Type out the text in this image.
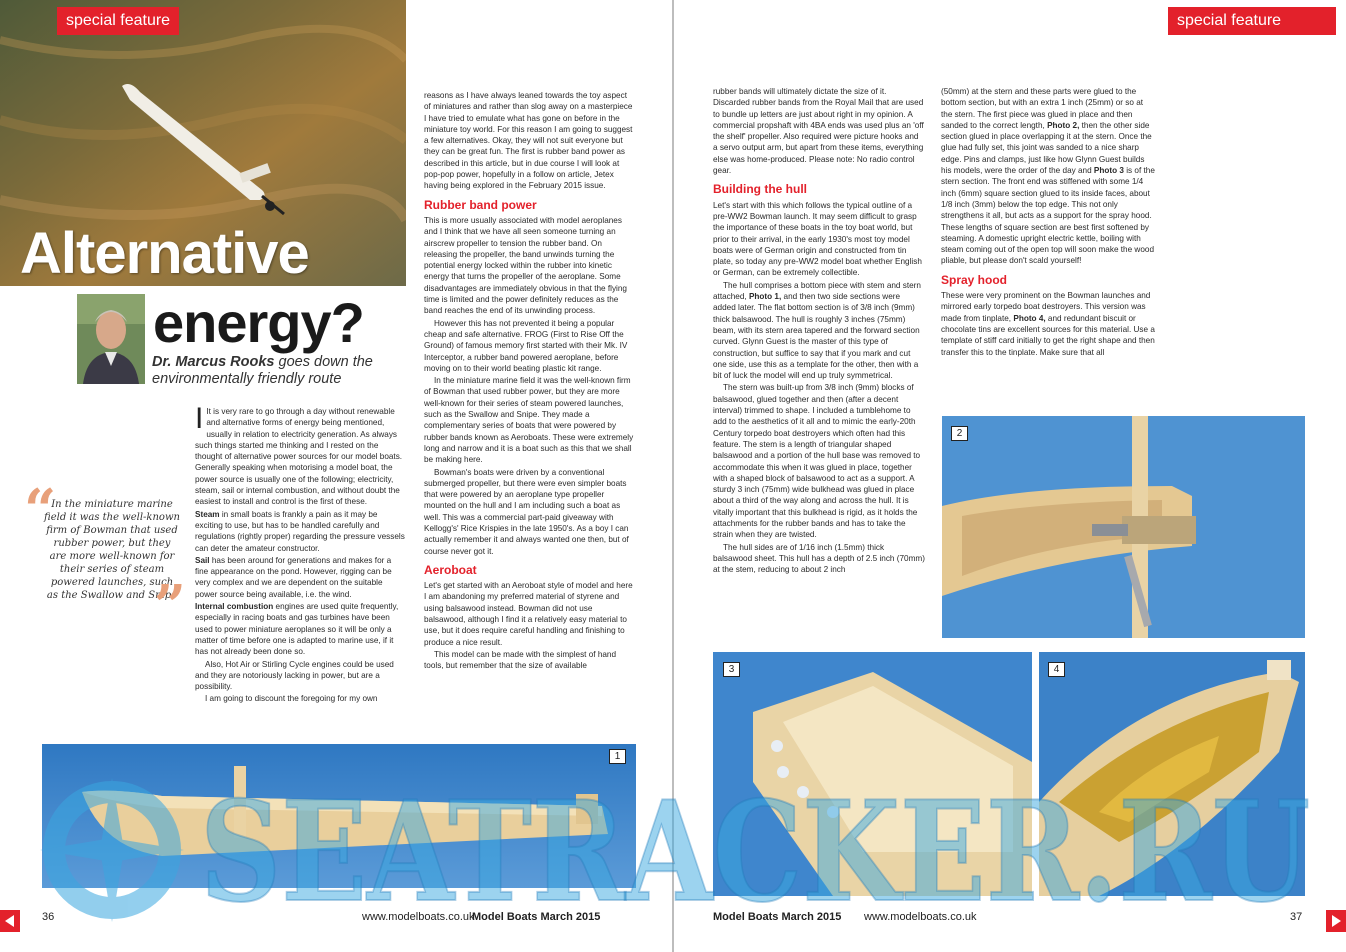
special feature
Alternative
energy?
Dr. Marcus Rooks goes down the environmentally friendly route
“
In the miniature marine field it was the well-known firm of Bowman that used rubber power, but they are more well-known for their series of steam powered launches, such as the Swallow and Snipe
”

I It is very rare to go through a day without renewable and alternative forms of energy being mentioned, usually in relation to electricity generation. As always such things started me thinking and I rested on the thought of alternative power sources for our model boats. Generally speaking when motorising a model boat, the power source is usually one of the following; electricity, steam, sail or internal combustion, and without doubt the easiest to install and control is the first of these.

Steam in small boats is frankly a pain as it may be exciting to use, but has to be handled carefully and regulations (rightly proper) regarding the pressure vessels can deter the amateur constructor.

Sail has been around for generations and makes for a fine appearance on the pond. However, rigging can be very complex and we are dependent on the suitable power source being available, i.e. the wind.

Internal combustion engines are used quite frequently, especially in racing boats and gas turbines have been used to power miniature aeroplanes so it will be only a matter of time before one is adapted to marine use, if it has not already been done so.

Also, Hot Air or Stirling Cycle engines could be used and they are notoriously lacking in power, but are a possibility.

I am going to discount the foregoing for my own

reasons as I have always leaned towards the toy aspect of miniatures and rather than slog away on a masterpiece I have tried to emulate what has gone on before in the miniature toy world. For this reason I am going to suggest a few alternatives. Okay, they will not suit everyone but they can be great fun. The first is rubber band power as described in this article, but in due course I will look at pop-pop power, hopefully in a follow on article, Jetex having being explored in the February 2015 issue.

Rubber band power

This is more usually associated with model aeroplanes and I think that we have all seen someone turning an airscrew propeller to tension the rubber band. On releasing the propeller, the band unwinds turning the potential energy locked within the rubber into kinetic energy that turns the propeller of the aeroplane. Some disadvantages are immediately obvious in that the flying time is limited and the power definitely reduces as the band reaches the end of its unwinding process.

However this has not prevented it being a popular cheap and safe alternative. FROG (First to Rise Off the Ground) of famous memory first started with their Mk. IV Interceptor, a rubber band powered aeroplane, before moving on to their world beating plastic kit range.

In the miniature marine field it was the well-known firm of Bowman that used rubber power, but they are more well-known for their series of steam powered launches, such as the Swallow and Snipe. They made a complementary series of boats that were powered by rubber bands known as Aeroboats. These were extremely long and narrow and it is a boat such as this that we shall be making here.

Bowman's boats were driven by a conventional submerged propeller, but there were even simpler boats that were powered by an aeroplane type propeller mounted on the hull and I am including such a boat as well. This was a commercial part-paid giveaway with Kellogg's' Rice Krispies in the late 1950's. As a boy I can actually remember it and always wanted one then, but of course never got it.

Aeroboat

Let's get started with an Aeroboat style of model and here I am abandoning my preferred material of styrene and using balsawood instead. Bowman did not use balsawood, although I find it a relatively easy material to use, but it does require careful handling and finishing to produce a nice result.

This model can be made with the simplest of hand tools, but remember that the size of available

1
36	www.modelboats.co.uk
Model Boats March 2015
special feature

rubber bands will ultimately dictate the size of it. Discarded rubber bands from the Royal Mail that are used to bundle up letters are just about right in my opinion. A commercial propshaft with 4BA ends was used plus an 'off the shelf' propeller. Also required were picture hooks and a servo output arm, but apart from these items, everything else was home-produced. Please note: No radio control gear.

Building the hull

Let's start with this which follows the typical outline of a pre-WW2 Bowman launch. It may seem difficult to grasp the importance of these boats in the toy boat world, but prior to their arrival, in the early 1930's most toy model boats were of German origin and constructed from tin plate, so today any pre-WW2 model boat whether English or German, can be extremely collectible.

The hull comprises a bottom piece with stem and stern attached, Photo 1, and then two side sections were added later. The flat bottom section is of 3/8 inch (9mm) thick balsawood. The hull is roughly 3 inches (75mm) beam, with its stern area tapered and the forward section curved. Glynn Guest is the master of this type of construction, but suffice to say that if you mark and cut one side, use this as a template for the other, then with a bit of luck the model will end up truly symmetrical.

The stern was built-up from 3/8 inch (9mm) blocks of balsawood, glued together and then (after a decent interval) trimmed to shape. I included a tumblehome to add to the aesthetics of it all and to mimic the early-20th Century torpedo boat destroyers which often had this feature. The stem is a length of triangular shaped balsawood and a portion of the hull base was removed to accommodate this when it was glued in place, together with a shaped block of balsawood to act as a support. A sturdy 3 inch (75mm) wide bulkhead was glued in place about a third of the way along and across the hull. It is vitally important that this bulkhead is rigid, as it holds the attachments for the rubber bands and has to take the strain when they are twisted.

The hull sides are of 1/16 inch (1.5mm) thick balsawood sheet. This hull has a depth of 2.5 inch (70mm) at the stem, reducing to about 2 inch

(50mm) at the stern and these parts were glued to the bottom section, but with an extra 1 inch (25mm) or so at the stern. The first piece was glued in place and then sanded to the correct length, Photo 2, then the other side section glued in place overlapping it at the stern. Once the glue had fully set, this joint was sanded to a nice sharp edge. Pins and clamps, just like how Glynn Guest builds his models, were the order of the day and Photo 3 is of the stern section. The front end was stiffened with some 1/4 inch (6mm) square section glued to its inside faces, about 1/8 inch (3mm) below the top edge. This not only strengthens it all, but acts as a support for the spray hood. These lengths of square section are best first softened by steaming. A domestic upright electric kettle, boiling with steam coming out of the open top will soon make the wood pliable, but please don't scald yourself!

Spray hood

These were very prominent on the Bowman launches and mirrored early torpedo boat destroyers. This version was made from tinplate, Photo 4, and redundant biscuit or chocolate tins are excellent sources for this material. Use a template of stiff card initially to get the right shape and then transfer this to the tinplate. Make sure that all

2
3	4
Model Boats March 2015 www.modelboats.co.uk	37
SEATRACKER.RU
